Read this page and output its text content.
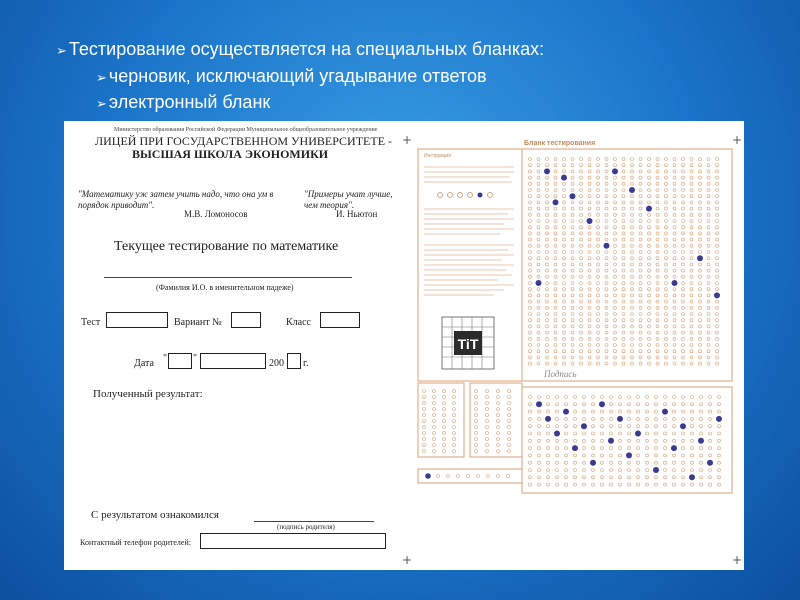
➢ Тестирование осуществляется на специальных бланках:
➢ черновик, исключающий угадывание ответов
➢ электронный бланк
Министерство образования Российской Федерации Муниципальное общеобразовательное учреждение
ЛИЦЕЙ ПРИ ГОСУДАРСТВЕННОМ УНИВЕРСИТЕТЕ -
ВЫСШАЯ ШКОЛА ЭКОНОМИКИ
"Математику уж затем учить надо, что она ум в порядок приводит".
М.В. Ломоносов
"Примеры учат лучше, чем теория".
И. Ньютон
Текущее тестирование по математике
(Фамилия И.О. в именительном падеже)
Тест	Вариант №	Класс
Дата "	"	200 г.
Полученный результат:
С результатом ознакомился
(подпись родителя)
Контактный телефон родителей:
+	+
+	+
Инструкция
TiT
Бланк тестирования
Подпись
